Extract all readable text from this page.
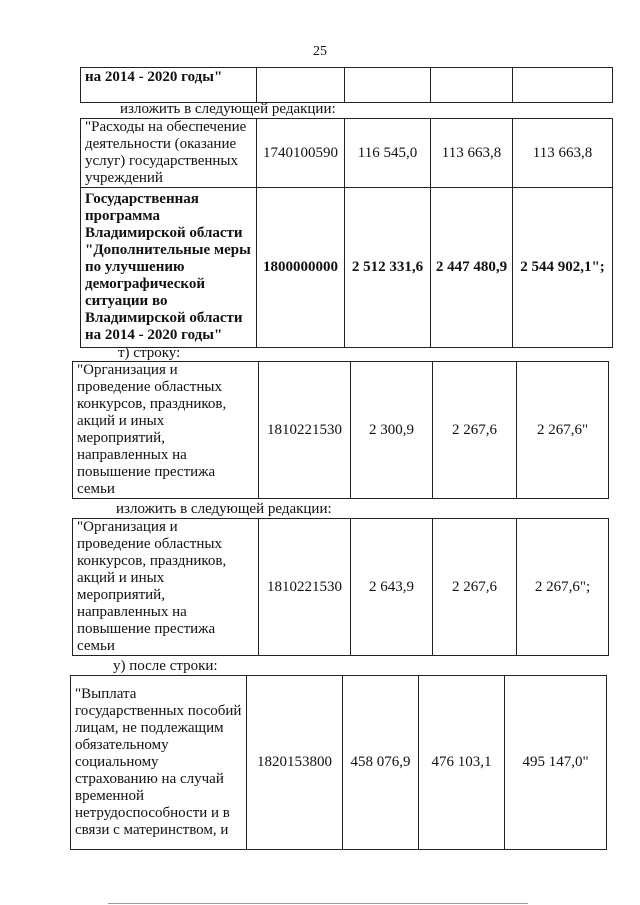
25
на 2014 - 2020 годы"				
изложить в следующей редакции:
"Расходы на обеспечение деятельности (оказание услуг) государственных учреждений	1740100590	116 545,0	113 663,8	113 663,8
Государственная программа Владимирской области "Дополнительные меры по улучшению демографической ситуации во Владимирской области на 2014 - 2020 годы"	1800000000	2 512 331,6	2 447 480,9	2 544 902,1";
т) строку:
"Организация и проведение областных конкурсов, праздников, акций и иных мероприятий, направленных на повышение престижа семьи	1810221530	2 300,9	2 267,6	2 267,6"
изложить в следующей редакции:
"Организация и проведение областных конкурсов, праздников, акций и иных мероприятий, направленных на повышение престижа семьи	1810221530	2 643,9	2 267,6	2 267,6";
у) после строки:
"Выплата государственных пособий лицам, не подлежащим обязательному социальному страхованию на случай временной нетрудоспособности и в связи с материнством, и	1820153800	458 076,9	476 103,1	495 147,0"
